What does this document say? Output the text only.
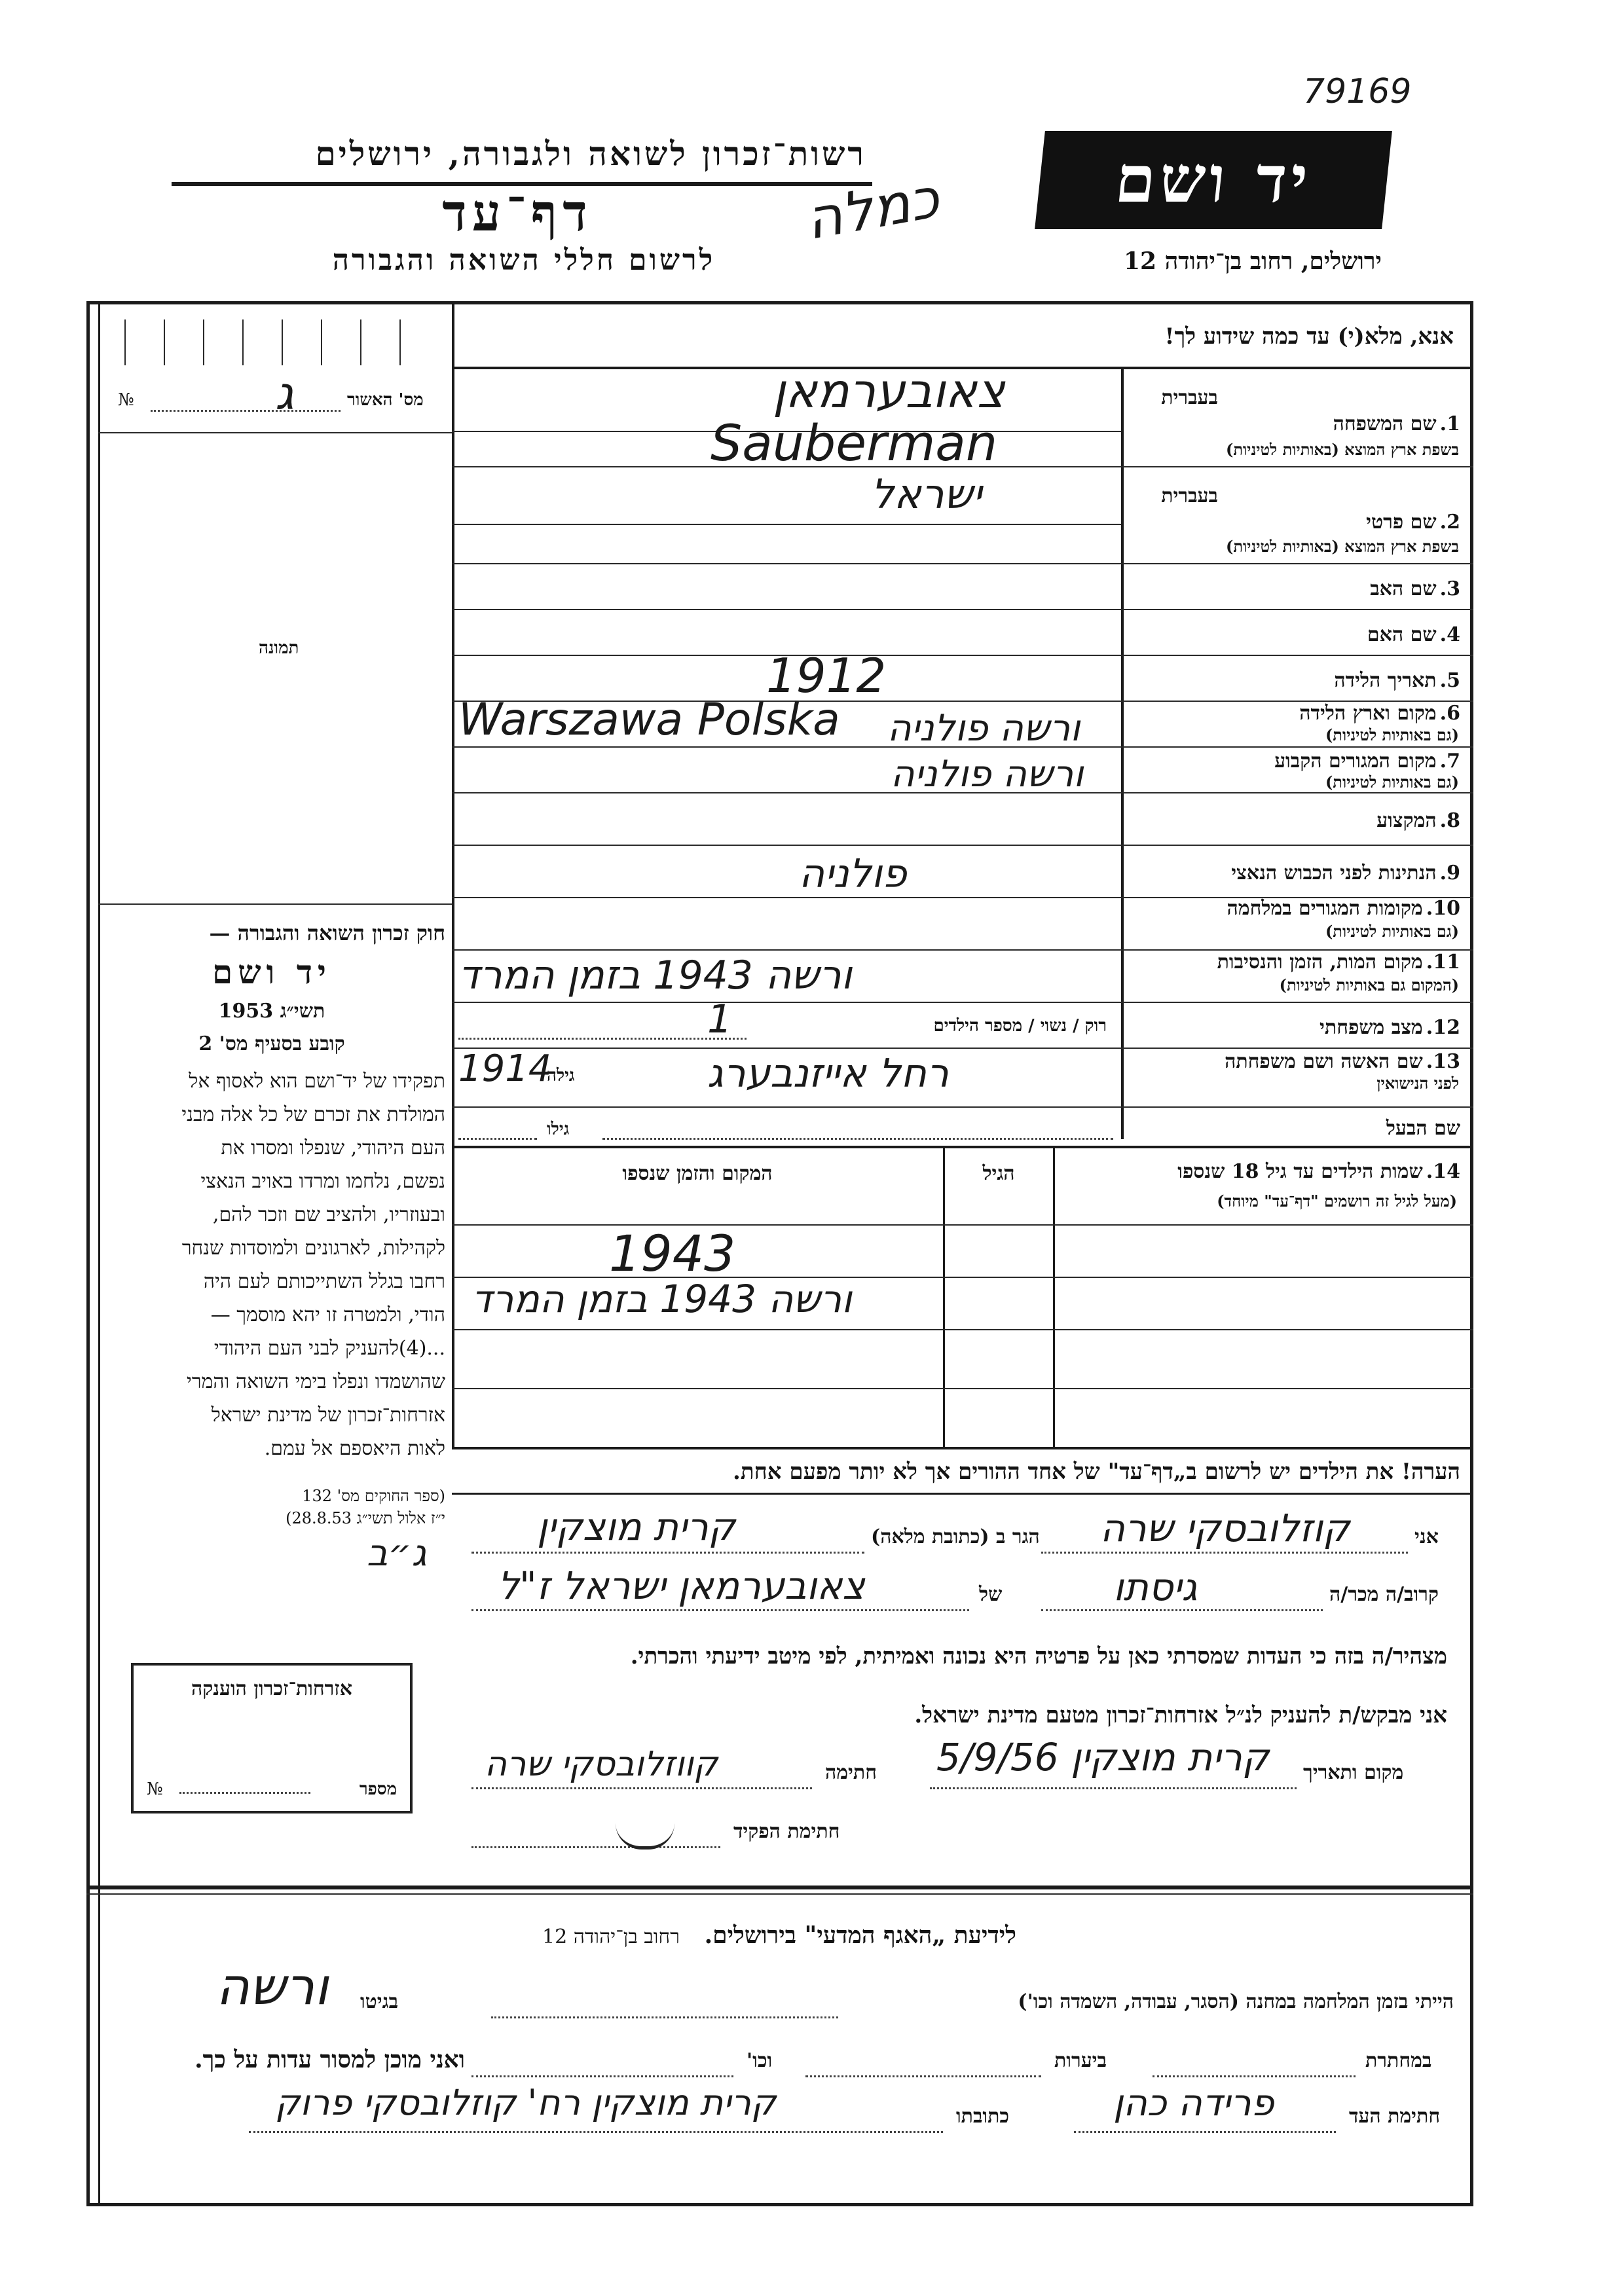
79169
רשות־זכרון לשואה ולגבורה, ירושלים
דף־עד
לרשום חללי השואה והגבורה
כמלה	יד ושם
ירושלים, רחוב בן־יהודה 12
אנא, מלא(י) עד כמה שידוע לך!
מס' האשור
№	ג
תמונה
בעברית
1. שם המשפחה
בשפת ארץ המוצא (באותיות לטיניות)
בעברית
2. שם פרטי
בשפת ארץ המוצא (באותיות לטיניות)
3. שם האב
4. שם האם
5. תאריך הלידה
6. מקום וארץ הלידה
(גם באותיות לטיניות)
7. מקום המגורים הקבוע
(גם באותיות לטיניות)
8. המקצוע
9. הנתינות לפני הכבוש הנאצי
10. מקומות המגורים במלחמה
(גם באותיות לטיניות)
11. מקום המות, הזמן והנסיבות
(המקום גם באותיות לטיניות)
12. מצב משפחתי
13. שם האשה ושם משפחתה
לפני הנישואין
שם הבעל
צאובערמאן
Sauberman
ישראל
1912
Warszawa Polska ורשה פולניה
ורשה פולניה
פולניה
ורשה 1943 בזמן המרד
רוק / נשוי / מספר הילדים
1
רחל אייזנבערג
גילה
1914
גילו
14. שמות הילדים עד גיל 18 שנספו
(מעל לגיל זה רושמים "דף־עד" מיוחד)
הגיל
המקום והזמן שנספו
1943
ורשה 1943 בזמן המרד
חוק זכרון השואה והגבורה —
יד ושם
תשי״ג 1953
קובע בסעיף מס' 2
תפקידו של יד־ושם הוא לאסוף אל
המולדת את זכרם של כל אלה מבני
העם היהודי, שנפלו ומסרו את
נפשם, נלחמו ומרדו באויב הנאצי
ובעוזריו, ולהציב שם וזכר להם,
לקהילות, לארגונים ולמוסדות שנחר
רחבו בגלל השתייכותם לעם היה
הודי, ולמטרה זו יהא מוסמך —
...(4)להעניק לבני העם היהודי
שהושמדו ונפלו בימי השואה והמרי
אזרחות־זכרון של מדינת ישראל
לאות היאספם אל עמם.
(ספר החוקים מס' 132
י״ז אלול תשי״ג 28.8.53)
הערה! את הילדים יש לרשום ב„דף־עד" של אחד ההורים אך לא יותר מפעם אחת.
אני
קוזלובסקי שרה
הגר ב (כתובת מלאה)
קרית מוצקין
קרוב/ה מכר/ה
גיסתו
של
צאובערמאן ישראל ז"ל
ג״ב
מצהיר/ה בזה כי העדות שמסרתי כאן על פרטיה היא נכונה ואמיתית, לפי מיטב ידיעתי והכרתי.
אני מבקש/ת להעניק לנ״ל אזרחות־זכרון מטעם מדינת ישראל.
מקום ותאריך
קרית מוצקין 5/9/56
חתימה
קווזלובסקי שרה
חתימת הפקיד
אזרחות־זכרון הוענקה
מספר
№
לידיעת „האגף המדעי" בירושלים.   רחוב בן־יהודה 12
הייתי בזמן המלחמה במחנה (הסגר, עבודה, השמדה וכו')
בגיטו
ורשה
במחתרת
ביערות
וכו'
ואני מוכן למסור עדות על כך.
חתימת העד
פרידה כהן
כתובתו
קרית מוצקין רח' קוזלובסקי פרוק
